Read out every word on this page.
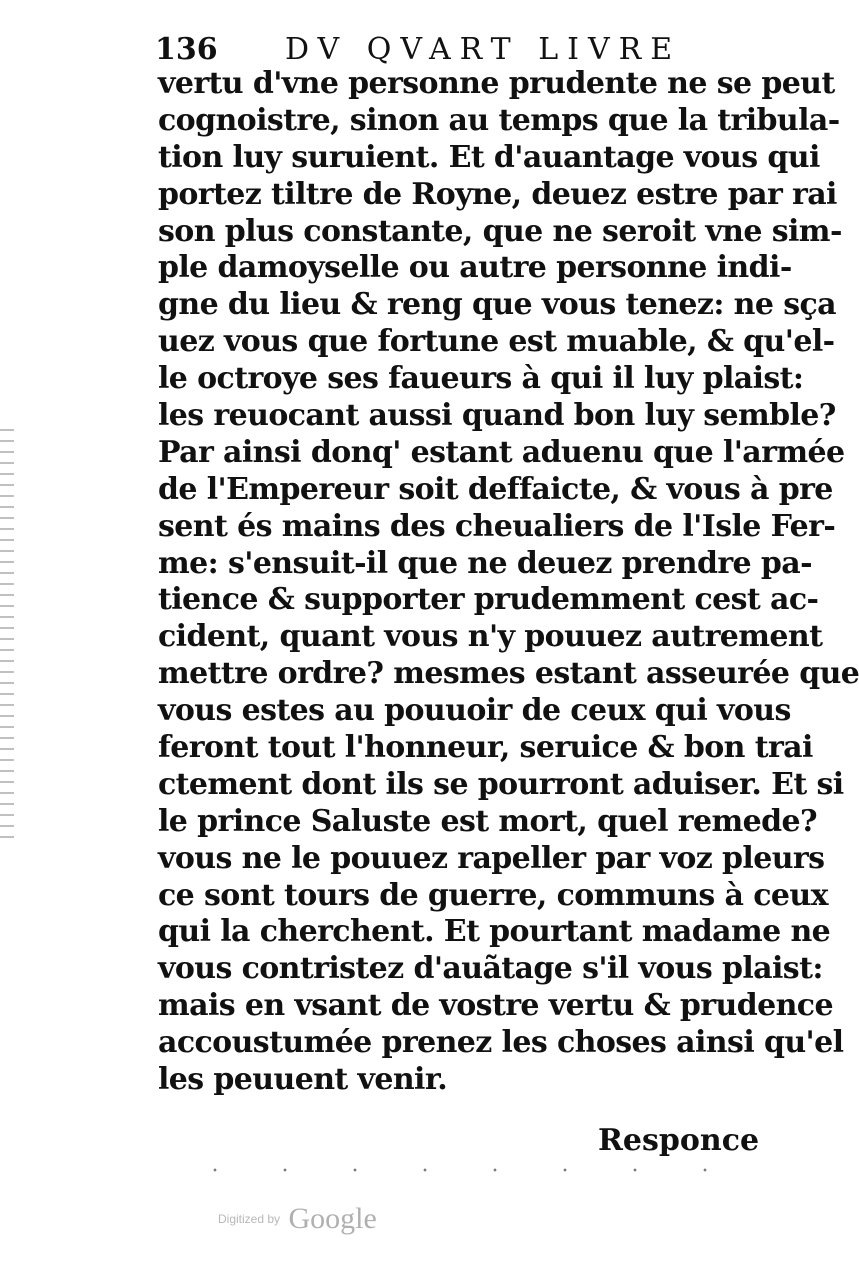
136 DV QVART LIVRE
vertu d'vne personne prudente ne se peut
cognoistre, sinon au temps que la tribula-
tion luy suruient. Et d'auantage vous qui
portez tiltre de Royne, deuez estre par rai
son plus constante, que ne seroit vne sim-
ple damoyselle ou autre personne indi-
gne du lieu & reng que vous tenez: ne sça
uez vous que fortune est muable, & qu'el-
le octroye ses faueurs à qui il luy plaist:
les reuocant aussi quand bon luy semble?
Par ainsi donq' estant aduenu que l'armée
de l'Empereur soit deffaicte, & vous à pre
sent és mains des cheualiers de l'Isle Fer-
me: s'ensuit-il que ne deuez prendre pa-
tience & supporter prudemment cest ac-
cident, quant vous n'y pouuez autrement
mettre ordre? mesmes estant asseurée que
vous estes au pouuoir de ceux qui vous
feront tout l'honneur, seruice & bon trai
ctement dont ils se pourront aduiser. Et si
le prince Saluste est mort, quel remede?
vous ne le pouuez rapeller par voz pleurs
ce sont tours de guerre, communs à ceux
qui la cherchent. Et pourtant madame ne
vous contristez d'auãtage s'il vous plaist:
mais en vsant de vostre vertu & prudence
accoustumée prenez les choses ainsi qu'el
les peuuent venir.
Responce
Digitized by Google
